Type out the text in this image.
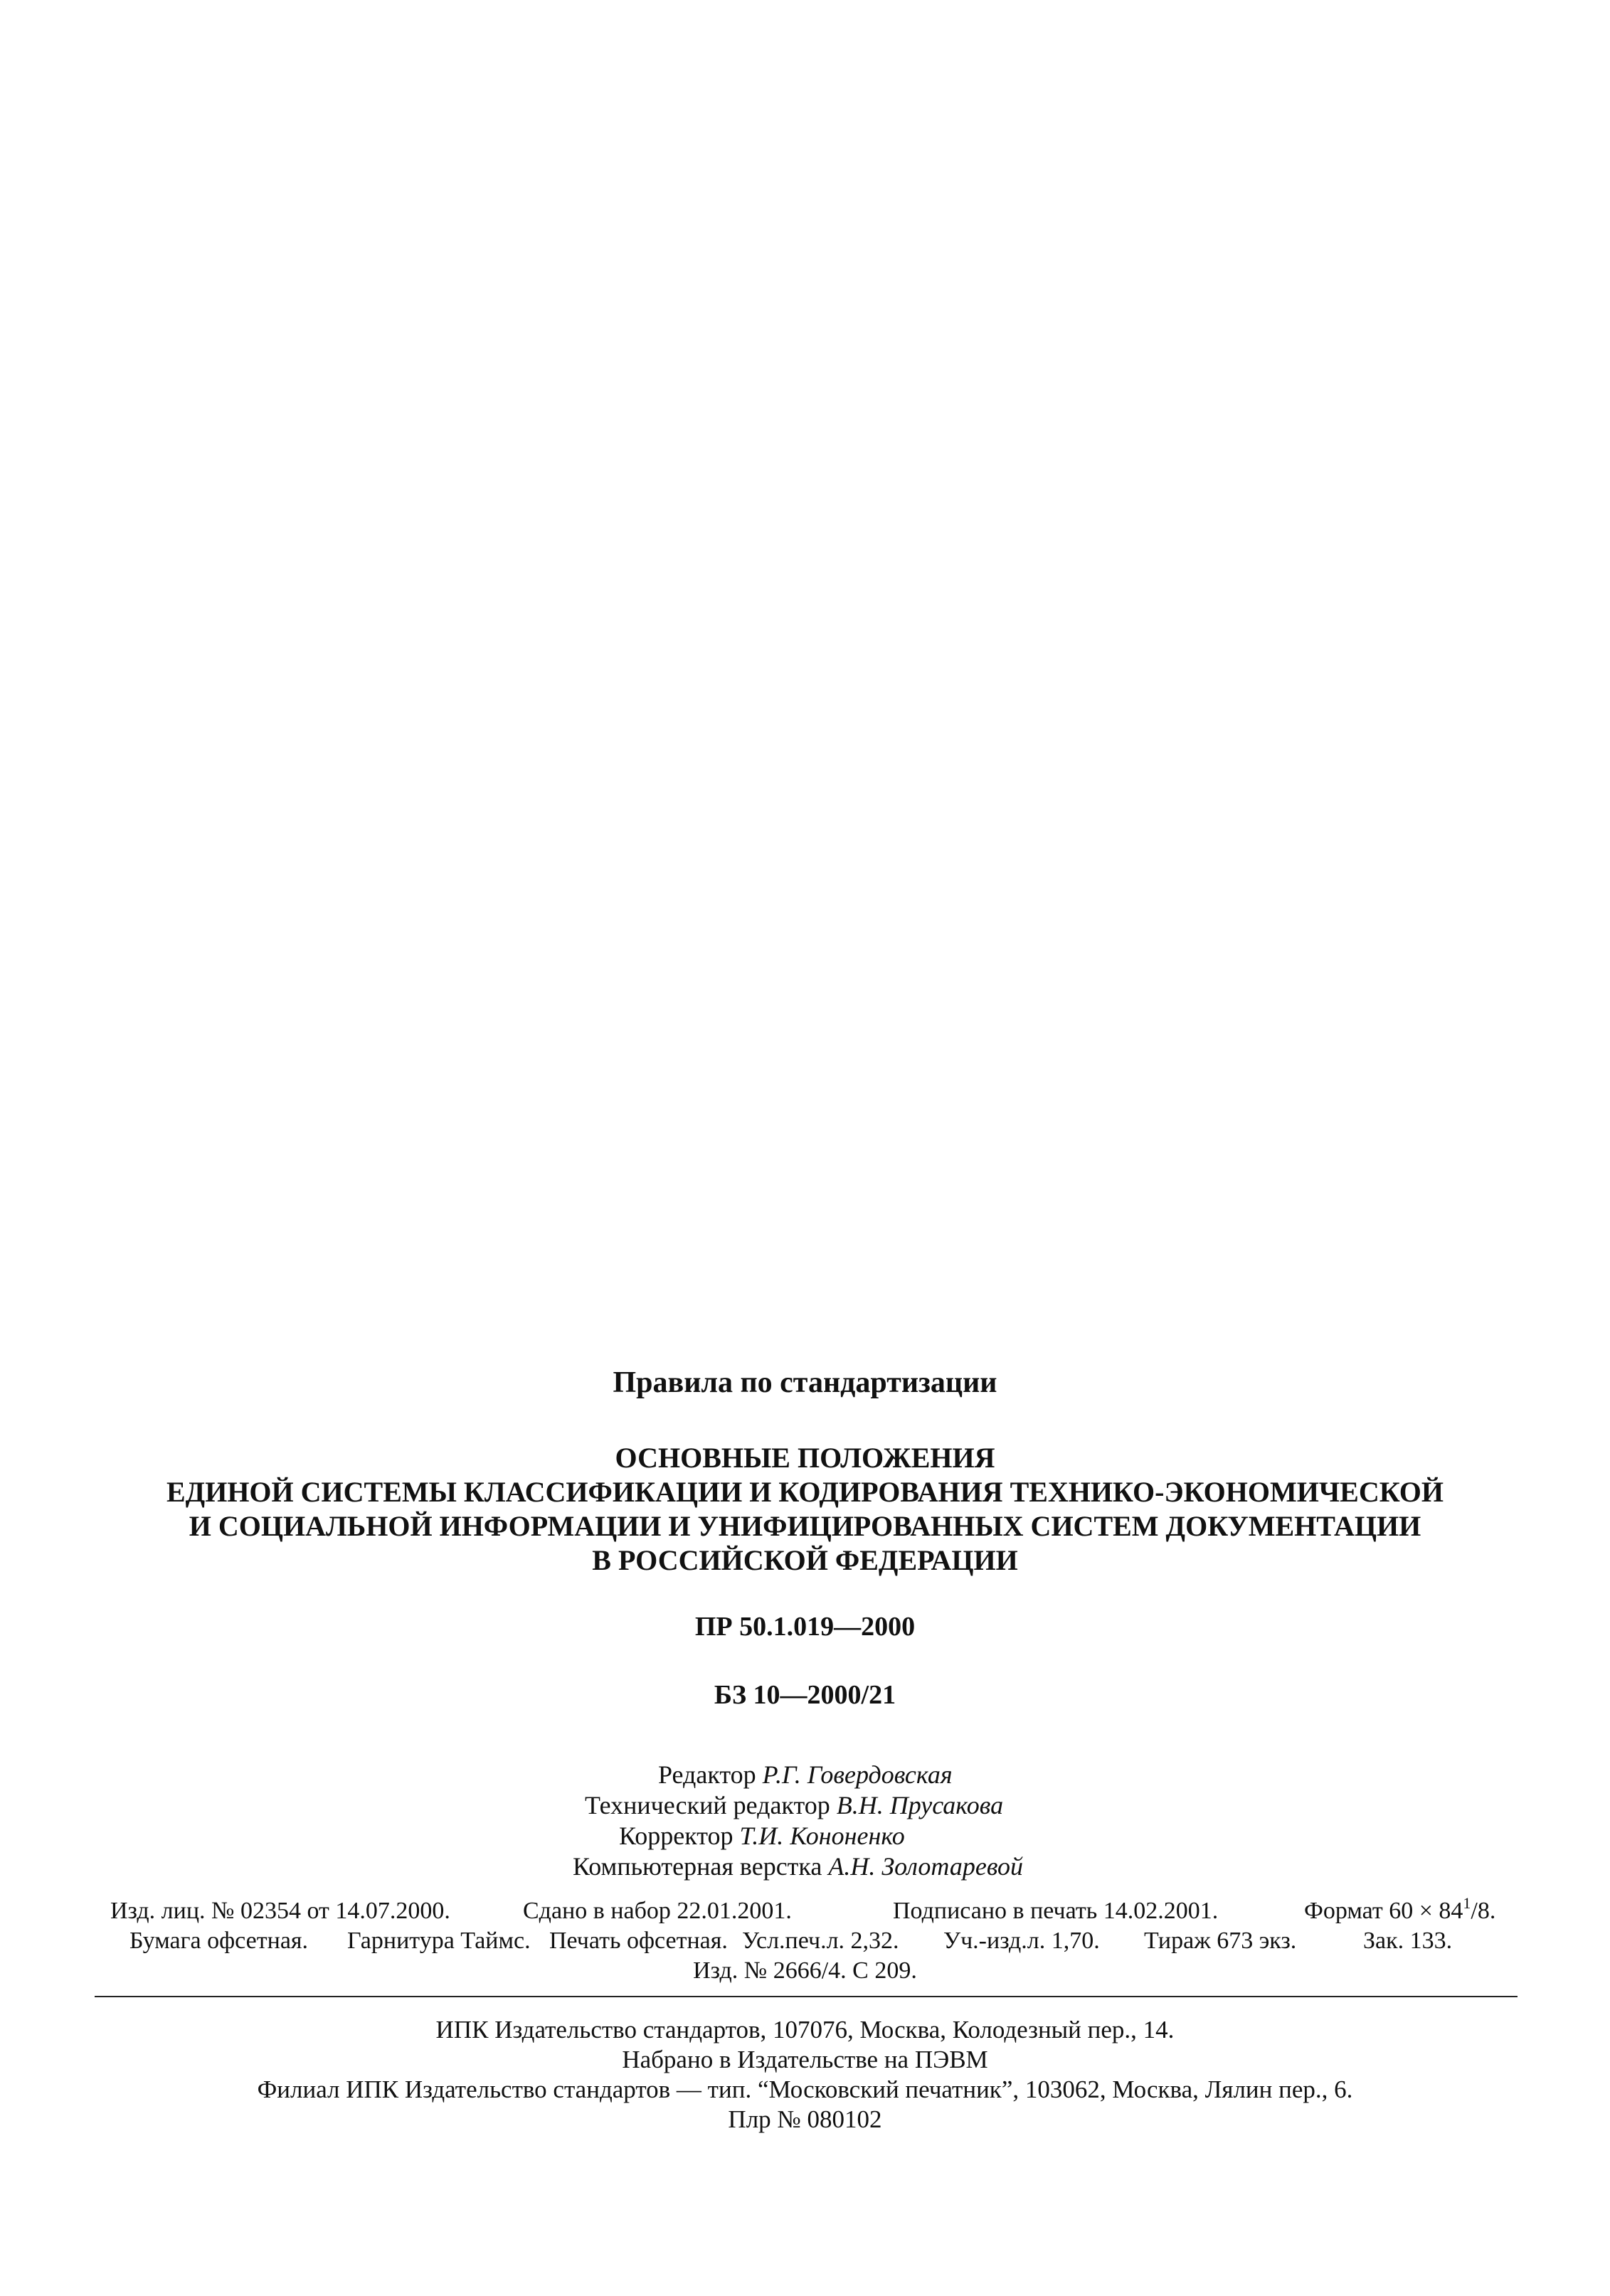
Правила по стандартизации
ОСНОВНЫЕ ПОЛОЖЕНИЯ
ЕДИНОЙ СИСТЕМЫ КЛАССИФИКАЦИИ И КОДИРОВАНИЯ ТЕХНИКО-ЭКОНОМИЧЕСКОЙ
И СОЦИАЛЬНОЙ ИНФОРМАЦИИ И УНИФИЦИРОВАННЫХ СИСТЕМ ДОКУМЕНТАЦИИ
В РОССИЙСКОЙ ФЕДЕРАЦИИ
ПР 50.1.019—2000
БЗ 10—2000/21
Редактор Р.Г. Говердовская
Технический редактор В.Н. Прусакова
Корректор Т.И. Кононенко
Компьютерная верстка А.Н. Золотаревой
Изд. лиц. № 02354 от 14.07.2000.	Сдано в набор 22.01.2001.	Подписано в печать 14.02.2001.	Формат $60 \times 84^1/8$.
Бумага офсетная. Гарнитура Таймс. Печать офсетная. Усл.печ.л. 2,32. Уч.-изд.л. 1,70. Тираж 673 экз.	Зак. 133.
Изд. № 2666/4. С 209.
ИПК Издательство стандартов, 107076, Москва, Колодезный пер., 14.
Набрано в Издательстве на ПЭВМ
Филиал ИПК Издательство стандартов — тип. “Московский печатник”, 103062, Москва, Лялин пер., 6.
Плр № 080102
